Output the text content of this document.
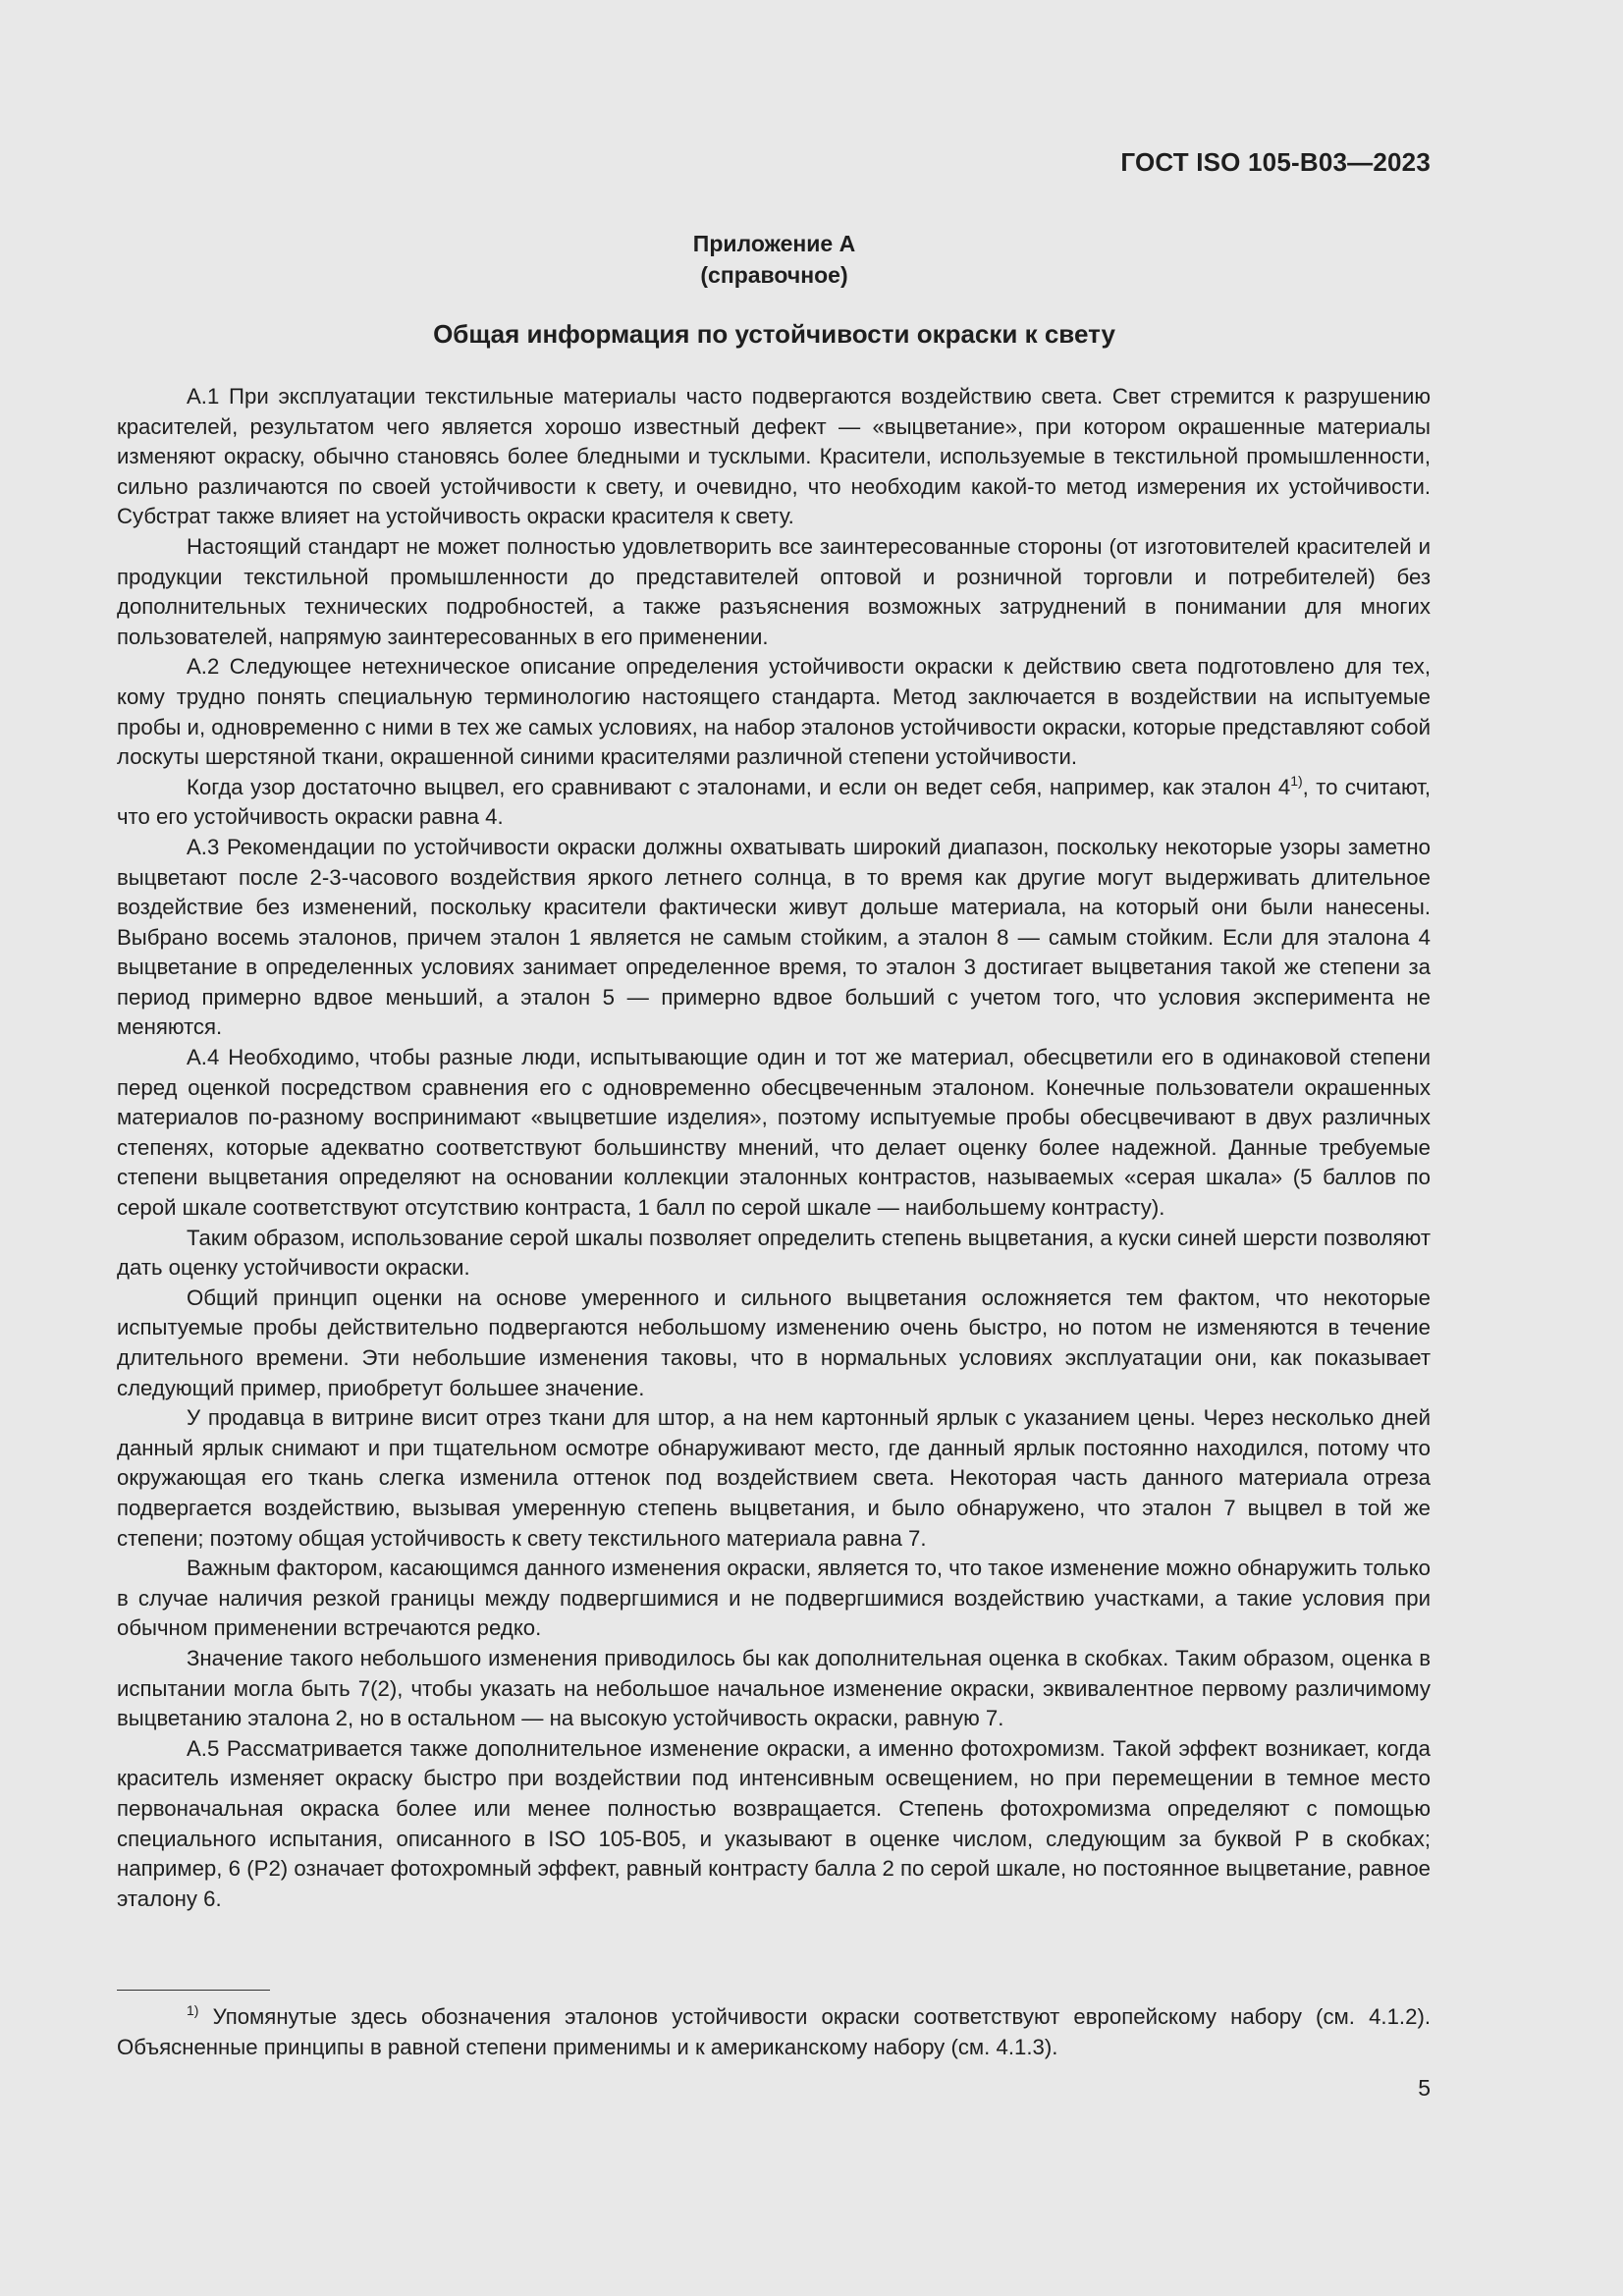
ГОСТ ISO 105-B03—2023
Приложение А
(справочное)
Общая информация по устойчивости окраски к свету

А.1 При эксплуатации текстильные материалы часто подвергаются воздействию света. Свет стремится к разрушению красителей, результатом чего является хорошо известный дефект — «выцветание», при котором окрашенные материалы изменяют окраску, обычно становясь более бледными и тусклыми. Красители, используемые в текстильной промышленности, сильно различаются по своей устойчивости к свету, и очевидно, что необходим какой-то метод измерения их устойчивости. Субстрат также влияет на устойчивость окраски красителя к свету.

Настоящий стандарт не может полностью удовлетворить все заинтересованные стороны (от изготовителей красителей и продукции текстильной промышленности до представителей оптовой и розничной торговли и потребителей) без дополнительных технических подробностей, а также разъяснения возможных затруднений в понимании для многих пользователей, напрямую заинтересованных в его применении.

А.2 Следующее нетехническое описание определения устойчивости окраски к действию света подготовлено для тех, кому трудно понять специальную терминологию настоящего стандарта. Метод заключается в воздействии на испытуемые пробы и, одновременно с ними в тех же самых условиях, на набор эталонов устойчивости окраски, которые представляют собой лоскуты шерстяной ткани, окрашенной синими красителями различной степени устойчивости.

Когда узор достаточно выцвел, его сравнивают с эталонами, и если он ведет себя, например, как эталон 4$^{1)}$, то считают, что его устойчивость окраски равна 4.

А.3 Рекомендации по устойчивости окраски должны охватывать широкий диапазон, поскольку некоторые узоры заметно выцветают после 2-3-часового воздействия яркого летнего солнца, в то время как другие могут выдерживать длительное воздействие без изменений, поскольку красители фактически живут дольше материала, на который они были нанесены. Выбрано восемь эталонов, причем эталон 1 является не самым стойким, а эталон 8 — самым стойким. Если для эталона 4 выцветание в определенных условиях занимает определенное время, то эталон 3 достигает выцветания такой же степени за период примерно вдвое меньший, а эталон 5 — примерно вдвое больший с учетом того, что условия эксперимента не меняются.

А.4 Необходимо, чтобы разные люди, испытывающие один и тот же материал, обесцветили его в одинаковой степени перед оценкой посредством сравнения его с одновременно обесцвеченным эталоном. Конечные пользователи окрашенных материалов по-разному воспринимают «выцветшие изделия», поэтому испытуемые пробы обесцвечивают в двух различных степенях, которые адекватно соответствуют большинству мнений, что делает оценку более надежной. Данные требуемые степени выцветания определяют на основании коллекции эталонных контрастов, называемых «серая шкала» (5 баллов по серой шкале соответствуют отсутствию контраста, 1 балл по серой шкале — наибольшему контрасту).

Таким образом, использование серой шкалы позволяет определить степень выцветания, а куски синей шерсти позволяют дать оценку устойчивости окраски.

Общий принцип оценки на основе умеренного и сильного выцветания осложняется тем фактом, что некоторые испытуемые пробы действительно подвергаются небольшому изменению очень быстро, но потом не изменяются в течение длительного времени. Эти небольшие изменения таковы, что в нормальных условиях эксплуатации они, как показывает следующий пример, приобретут большее значение.

У продавца в витрине висит отрез ткани для штор, а на нем картонный ярлык с указанием цены. Через несколько дней данный ярлык снимают и при тщательном осмотре обнаруживают место, где данный ярлык постоянно находился, потому что окружающая его ткань слегка изменила оттенок под воздействием света. Некоторая часть данного материала отреза подвергается воздействию, вызывая умеренную степень выцветания, и было обнаружено, что эталон 7 выцвел в той же степени; поэтому общая устойчивость к свету текстильного материала равна 7.

Важным фактором, касающимся данного изменения окраски, является то, что такое изменение можно обнаружить только в случае наличия резкой границы между подвергшимися и не подвергшимися воздействию участками, а такие условия при обычном применении встречаются редко.

Значение такого небольшого изменения приводилось бы как дополнительная оценка в скобках. Таким образом, оценка в испытании могла быть 7(2), чтобы указать на небольшое начальное изменение окраски, эквивалентное первому различимому выцветанию эталона 2, но в остальном — на высокую устойчивость окраски, равную 7.

А.5 Рассматривается также дополнительное изменение окраски, а именно фотохромизм. Такой эффект возникает, когда краситель изменяет окраску быстро при воздействии под интенсивным освещением, но при перемещении в темное место первоначальная окраска более или менее полностью возвращается. Степень фотохромизма определяют с помощью специального испытания, описанного в ISO 105-B05, и указывают в оценке числом, следующим за буквой Р в скобках; например, 6 (Р2) означает фотохромный эффект, равный контрасту балла 2 по серой шкале, но постоянное выцветание, равное эталону 6.

$^{1)}$ Упомянутые здесь обозначения эталонов устойчивости окраски соответствуют европейскому набору (см. 4.1.2). Объясненные принципы в равной степени применимы и к американскому набору (см. 4.1.3).

5
